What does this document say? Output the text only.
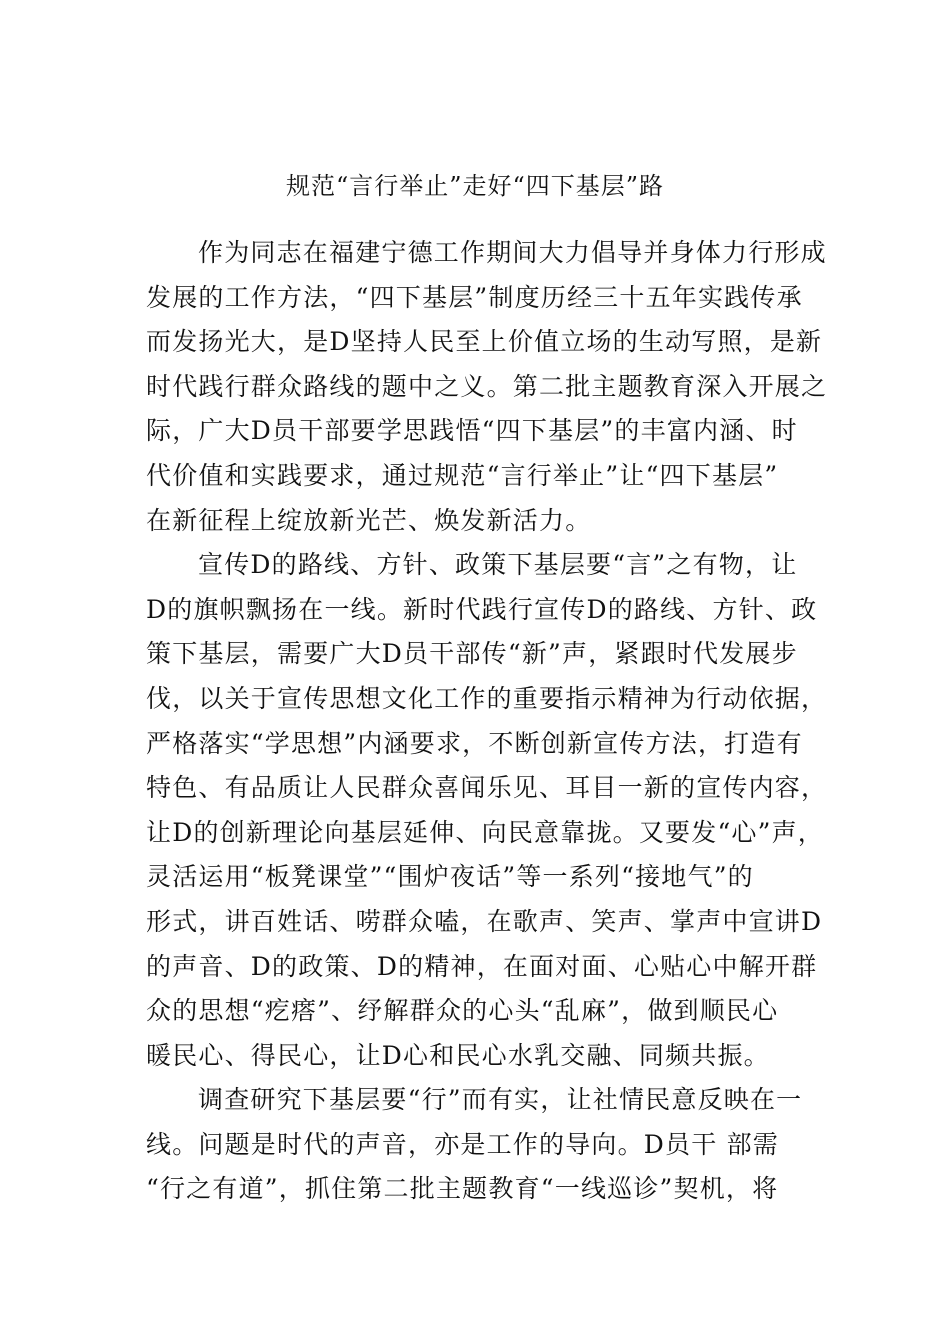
规范“言行举止”走好“四下基层”路
作为同志在福建宁德工作期间大力倡导并身体力行形成
发展的工作方法，“四下基层”制度历经三十五年实践传承
而发扬光大，是D坚持人民至上价值立场的生动写照，是新
时代践行群众路线的题中之义。第二批主题教育深入开展之
际，广大D员干部要学思践悟“四下基层”的丰富内涵、时
代价值和实践要求，通过规范“言行举止”让“四下基层”
在新征程上绽放新光芒、焕发新活力。
宣传D的路线、方针、政策下基层要“言”之有物，让
D的旗帜飘扬在一线。新时代践行宣传D的路线、方针、政
策下基层，需要广大D员干部传“新”声，紧跟时代发展步
伐，以关于宣传思想文化工作的重要指示精神为行动依据，
严格落实“学思想”内涵要求，不断创新宣传方法，打造有
特色、有品质让人民群众喜闻乐见、耳目一新的宣传内容，
让D的创新理论向基层延伸、向民意靠拢。又要发“心”声，
灵活运用“板凳课堂”“围炉夜话”等一系列“接地气”的
形式，讲百姓话、唠群众嗑，在歌声、笑声、掌声中宣讲D
的声音、D的政策、D的精神，在面对面、心贴心中解开群
众的思想“疙瘩”、纾解群众的心头“乱麻”，做到顺民心
暖民心、得民心，让D心和民心水乳交融、同频共振。
调查研究下基层要“行”而有实，让社情民意反映在一
线。问题是时代的声音，亦是工作的导向。D员干 部需
“行之有道”，抓住第二批主题教育“一线巡诊”契机，将
